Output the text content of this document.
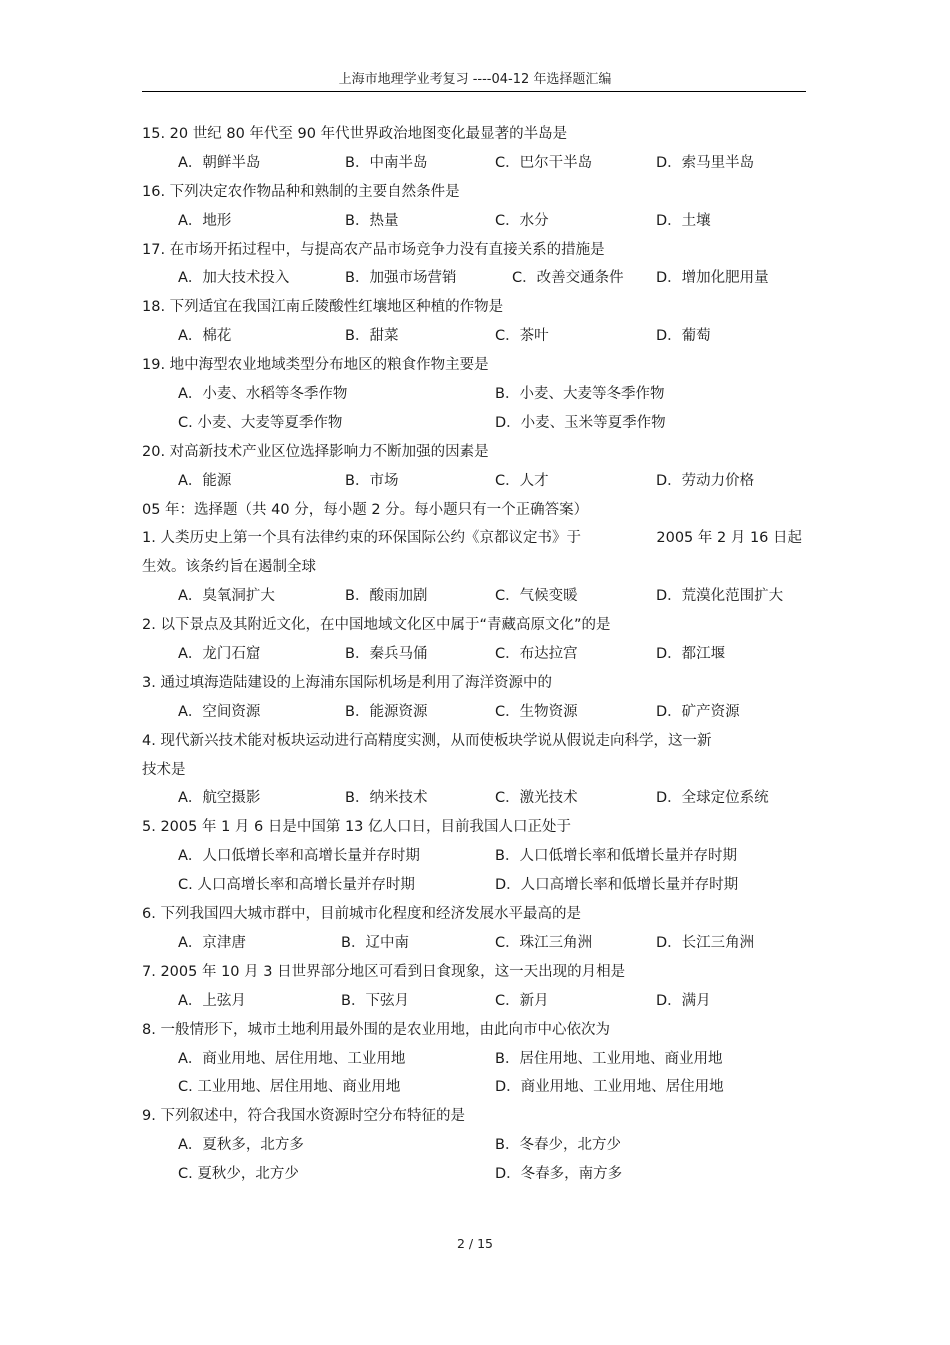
上海市地理学业考复习 ----04-12 年选择题汇编
15. 20 世纪 80 年代至 90 年代世界政治地图变化最显著的半岛是
A．朝鲜半岛	B．中南半岛	C．巴尔干半岛	D．索马里半岛
16. 下列决定农作物品种和熟制的主要自然条件是
A．地形	B．热量	C．水分	D．土壤
17. 在市场开拓过程中，与提高农产品市场竞争力没有直接关系的措施是
A．加大技术投入	B．加强市场营销	C．改善交通条件 D．增加化肥用量
18. 下列适宜在我国江南丘陵酸性红壤地区种植的作物是
A．棉花	B．甜菜	C．茶叶	D．葡萄
19. 地中海型农业地域类型分布地区的粮食作物主要是
A．小麦、水稻等冬季作物	B．小麦、大麦等冬季作物
C. 小麦、大麦等夏季作物	D．小麦、玉米等夏季作物
20. 对高新技术产业区位选择影响力不断加强的因素是
A．能源	B．市场	C．人才	D．劳动力价格
05 年：选择题（共 40 分，每小题 2 分。每小题只有一个正确答案）
1. 人类历史上第一个具有法律约束的环保国际公约《京都议定书》于	2005 年 2 月 16 日起
生效。该条约旨在遏制全球
A．臭氧洞扩大	B．酸雨加剧	C．气候变暖	D．荒漠化范围扩大
2. 以下景点及其附近文化，在中国地域文化区中属于“青藏高原文化”的是
A．龙门石窟	B．秦兵马俑	C．布达拉宫	D．都江堰
3. 通过填海造陆建设的上海浦东国际机场是利用了海洋资源中的
A．空间资源	B．能源资源	C．生物资源	D．矿产资源
4. 现代新兴技术能对板块运动进行高精度实测，从而使板块学说从假说走向科学，这一新
技术是
A．航空摄影	B．纳米技术	C．激光技术	D．全球定位系统
5. 2005 年 1 月 6 日是中国第 13 亿人口日，目前我国人口正处于
A．人口低增长率和高增长量并存时期	B．人口低增长率和低增长量并存时期
C. 人口高增长率和高增长量并存时期	D．人口高增长率和低增长量并存时期
6. 下列我国四大城市群中，目前城市化程度和经济发展水平最高的是
A．京津唐	B．辽中南	C．珠江三角洲	D．长江三角洲
7. 2005 年 10 月 3 日世界部分地区可看到日食现象，这一天出现的月相是
A．上弦月	B．下弦月	C．新月	D．满月
8. 一般情形下，城市土地利用最外围的是农业用地，由此向市中心依次为
A．商业用地、居住用地、工业用地	B．居住用地、工业用地、商业用地
C. 工业用地、居住用地、商业用地	D．商业用地、工业用地、居住用地
9. 下列叙述中，符合我国水资源时空分布特征的是
A．夏秋多，北方多	B．冬春少，北方少
C. 夏秋少，北方少	D．冬春多，南方多
2 / 15
